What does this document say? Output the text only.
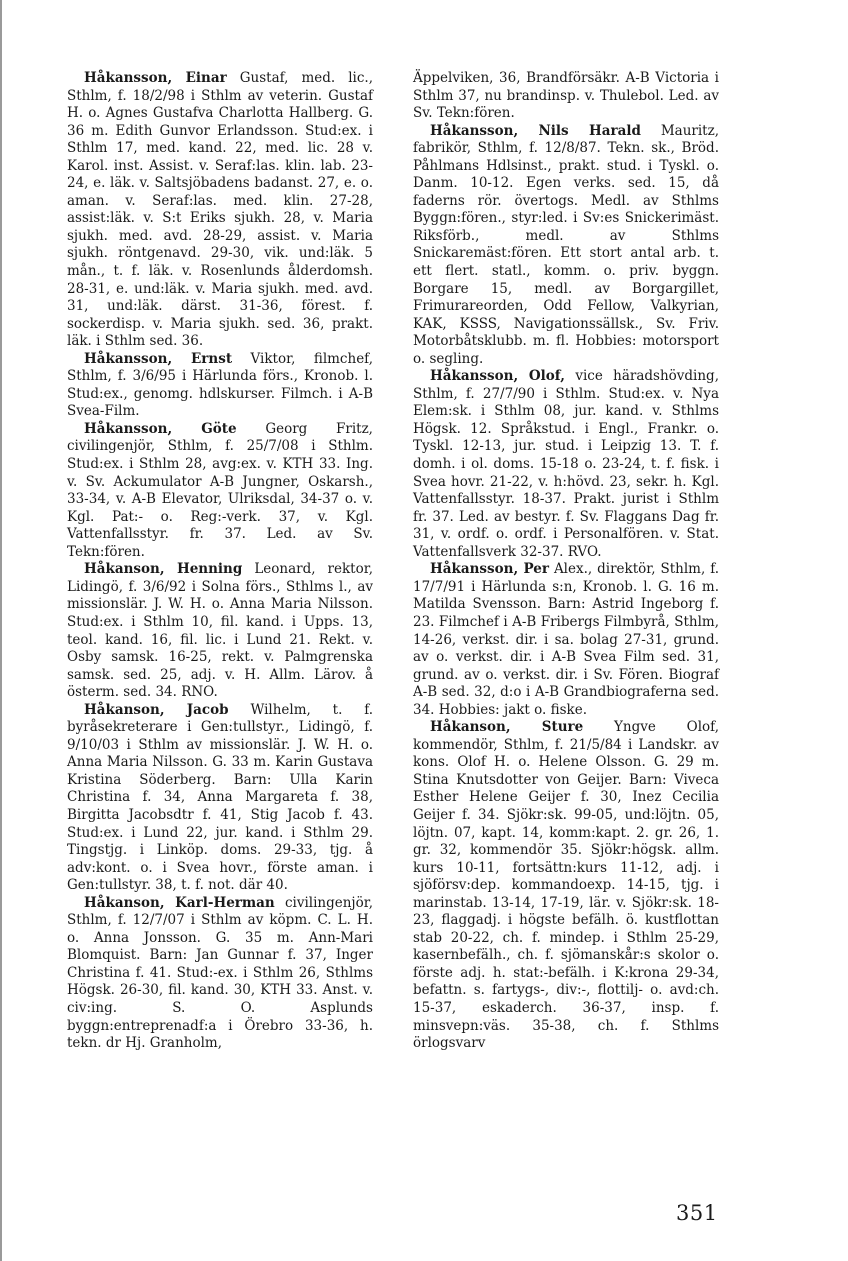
Håkansson, Einar Gustaf, med. lic., Sthlm, f. 18/2/98 i Sthlm av veterin. Gustaf H. o. Agnes Gustafva Charlotta Hallberg. G. 36 m. Edith Gunvor Erlandsson. Stud:ex. i Sthlm 17, med. kand. 22, med. lic. 28 v. Karol. inst. Assist. v. Seraf:las. klin. lab. 23-24, e. läk. v. Saltsjöbadens badanst. 27, e. o. aman. v. Seraf:las. med. klin. 27-28, assist:läk. v. S:t Eriks sjukh. 28, v. Maria sjukh. med. avd. 28-29, assist. v. Maria sjukh. röntgenavd. 29-30, vik. und:läk. 5 mån., t. f. läk. v. Rosenlunds ålderdomsh. 28-31, e. und:läk. v. Maria sjukh. med. avd. 31, und:läk. därst. 31-36, förest. f. sockerdisp. v. Maria sjukh. sed. 36, prakt. läk. i Sthlm sed. 36.

Håkansson, Ernst Viktor, filmchef, Sthlm, f. 3/6/95 i Härlunda förs., Kronob. l. Stud:ex., genomg. hdlskurser. Filmch. i A-B Svea-Film.

Håkansson, Göte Georg Fritz, civilingenjör, Sthlm, f. 25/7/08 i Sthlm. Stud:ex. i Sthlm 28, avg:ex. v. KTH 33. Ing. v. Sv. Ackumulator A-B Jungner, Oskarsh., 33-34, v. A-B Elevator, Ulriksdal, 34-37 o. v. Kgl. Pat:- o. Reg:-verk. 37, v. Kgl. Vattenfallsstyr. fr. 37. Led. av Sv. Tekn:fören.

Håkanson, Henning Leonard, rektor, Lidingö, f. 3/6/92 i Solna förs., Sthlms l., av missionslär. J. W. H. o. Anna Maria Nilsson. Stud:ex. i Sthlm 10, fil. kand. i Upps. 13, teol. kand. 16, fil. lic. i Lund 21. Rekt. v. Osby samsk. 16-25, rekt. v. Palmgrenska samsk. sed. 25, adj. v. H. Allm. Lärov. å österm. sed. 34. RNO.

Håkanson, Jacob Wilhelm, t. f. byråsekreterare i Gen:tullstyr., Lidingö, f. 9/10/03 i Sthlm av missionslär. J. W. H. o. Anna Maria Nilsson. G. 33 m. Karin Gustava Kristina Söderberg. Barn: Ulla Karin Christina f. 34, Anna Margareta f. 38, Birgitta Jacobsdtr f. 41, Stig Jacob f. 43. Stud:ex. i Lund 22, jur. kand. i Sthlm 29. Tingstjg. i Linköp. doms. 29-33, tjg. å adv:kont. o. i Svea hovr., förste aman. i Gen:tullstyr. 38, t. f. not. där 40.

Håkanson, Karl-Herman civilingenjör, Sthlm, f. 12/7/07 i Sthlm av köpm. C. L. H. o. Anna Jonsson. G. 35 m. Ann-Mari Blomquist. Barn: Jan Gunnar f. 37, Inger Christina f. 41. Stud:-ex. i Sthlm 26, Sthlms Högsk. 26-30, fil. kand. 30, KTH 33. Anst. v. civ:ing. S. O. Asplunds byggn:entreprenadf:a i Örebro 33-36, h. tekn. dr Hj. Granholm,

Äppelviken, 36, Brandförsäkr. A-B Victoria i Sthlm 37, nu brandinsp. v. Thulebol. Led. av Sv. Tekn:fören.

Håkansson, Nils Harald Mauritz, fabrikör, Sthlm, f. 12/8/87. Tekn. sk., Bröd. Påhlmans Hdlsinst., prakt. stud. i Tyskl. o. Danm. 10-12. Egen verks. sed. 15, då faderns rör. övertogs. Medl. av Sthlms Byggn:fören., styr:led. i Sv:es Snickerimäst. Riksförb., medl. av Sthlms Snickaremäst:fören. Ett stort antal arb. t. ett flert. statl., komm. o. priv. byggn. Borgare 15, medl. av Borgargillet, Frimurareorden, Odd Fellow, Valkyrian, KAK, KSSS, Navigationssällsk., Sv. Friv. Motorbåtsklubb. m. fl. Hobbies: motorsport o. segling.

Håkansson, Olof, vice häradshövding, Sthlm, f. 27/7/90 i Sthlm. Stud:ex. v. Nya Elem:sk. i Sthlm 08, jur. kand. v. Sthlms Högsk. 12. Språkstud. i Engl., Frankr. o. Tyskl. 12-13, jur. stud. i Leipzig 13. T. f. domh. i ol. doms. 15-18 o. 23-24, t. f. fisk. i Svea hovr. 21-22, v. h:hövd. 23, sekr. h. Kgl. Vattenfallsstyr. 18-37. Prakt. jurist i Sthlm fr. 37. Led. av bestyr. f. Sv. Flaggans Dag fr. 31, v. ordf. o. ordf. i Personalfören. v. Stat. Vattenfallsverk 32-37. RVO.

Håkansson, Per Alex., direktör, Sthlm, f. 17/7/91 i Härlunda s:n, Kronob. l. G. 16 m. Matilda Svensson. Barn: Astrid Ingeborg f. 23. Filmchef i A-B Fribergs Filmbyrå, Sthlm, 14-26, verkst. dir. i sa. bolag 27-31, grund. av o. verkst. dir. i A-B Svea Film sed. 31, grund. av o. verkst. dir. i Sv. Fören. Biograf A-B sed. 32, d:o i A-B Grandbiograferna sed. 34. Hobbies: jakt o. fiske.

Håkanson, Sture Yngve Olof, kommendör, Sthlm, f. 21/5/84 i Landskr. av kons. Olof H. o. Helene Olsson. G. 29 m. Stina Knutsdotter von Geijer. Barn: Viveca Esther Helene Geijer f. 30, Inez Cecilia Geijer f. 34. Sjökr:sk. 99-05, und:löjtn. 05, löjtn. 07, kapt. 14, komm:kapt. 2. gr. 26, 1. gr. 32, kommendör 35. Sjökr:högsk. allm. kurs 10-11, fortsättn:kurs 11-12, adj. i sjöförsv:dep. kommandoexp. 14-15, tjg. i marinstab. 13-14, 17-19, lär. v. Sjökr:sk. 18-23, flaggadj. i högste befälh. ö. kustflottan stab 20-22, ch. f. mindep. i Sthlm 25-29, kasernbefälh., ch. f. sjömanskår:s skolor o. förste adj. h. stat:-befälh. i K:krona 29-34, befattn. s. fartygs-, div:-, flottilj- o. avd:ch. 15-37, eskaderch. 36-37, insp. f. minsvepn:väs. 35-38, ch. f. Sthlms örlogsvarv

351
